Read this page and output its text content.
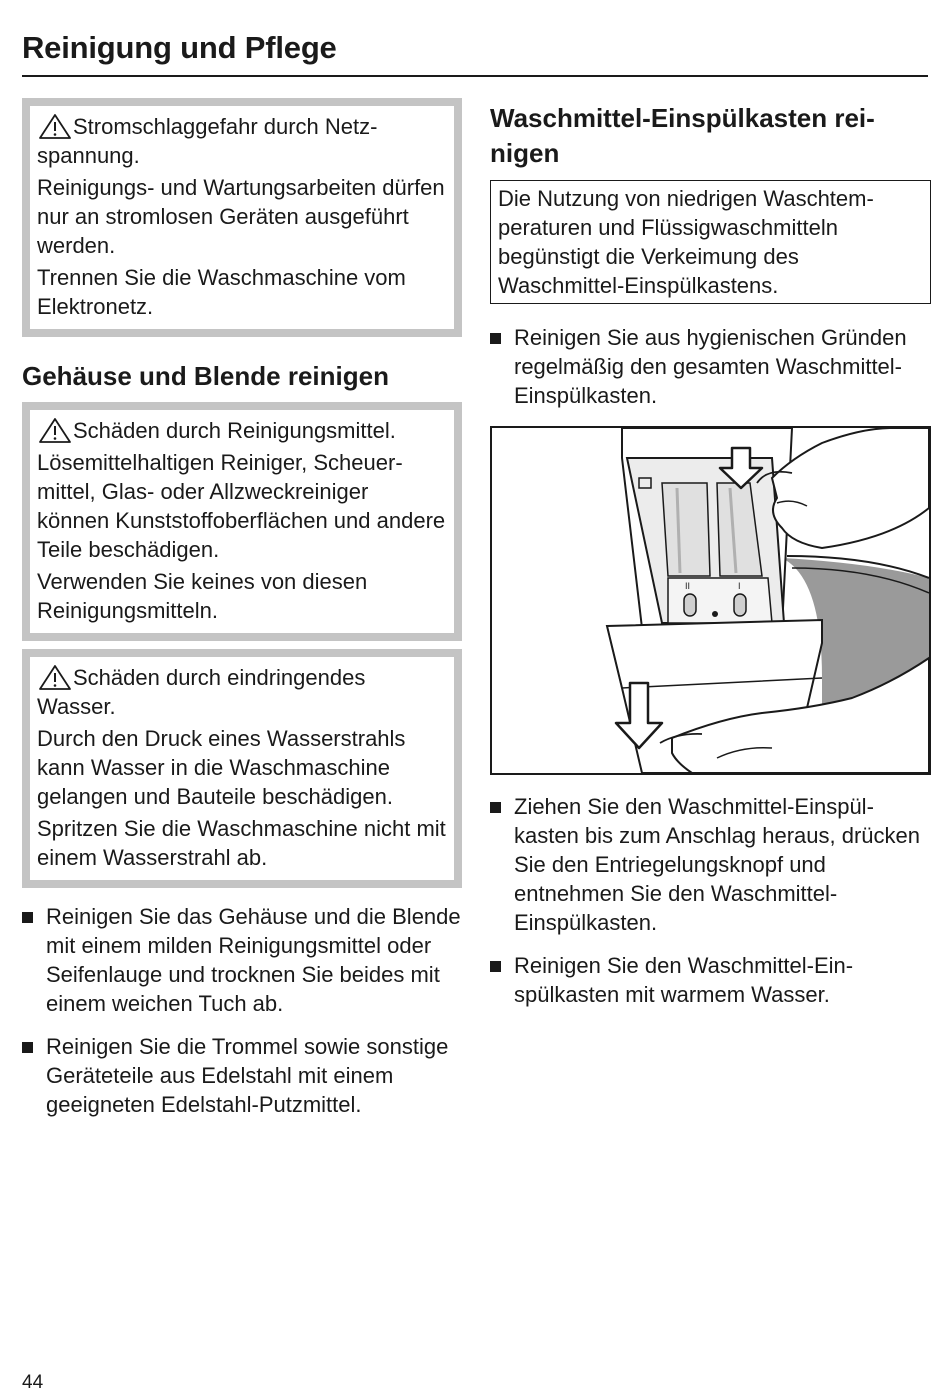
Reinigung und Pflege

Stromschlaggefahr durch Netzspannung.

Reinigungs- und Wartungsarbeiten dürfen nur an stromlosen Geräten ausgeführt werden.

Trennen Sie die Waschmaschine vom Elektronetz.

Gehäuse und Blende reinigen

Schäden durch Reinigungsmittel.

Lösemittelhaltigen Reiniger, Scheuermittel, Glas- oder Allzweckreiniger können Kunststoffoberflächen und andere Teile beschädigen.

Verwenden Sie keines von diesen Reinigungsmitteln.

Schäden durch eindringendes Wasser.

Durch den Druck eines Wasserstrahls kann Wasser in die Waschmaschine gelangen und Bauteile beschädigen.

Spritzen Sie die Waschmaschine nicht mit einem Wasserstrahl ab.

Reinigen Sie das Gehäuse und die Blende mit einem milden Reinigungsmittel oder Seifenlauge und trocknen Sie beides mit einem weichen Tuch ab.
Reinigen Sie die Trommel sowie sonstige Geräteteile aus Edelstahl mit einem geeigneten Edelstahl-Putzmittel.
Waschmittel-Einspülkasten reinigen
Die Nutzung von niedrigen Waschtemperaturen und Flüssigwaschmitteln begünstigt die Verkeimung des Waschmittel-Einspülkastens.
Reinigen Sie aus hygienischen Gründen regelmäßig den gesamten Waschmittel-Einspülkasten.
II	I
Ziehen Sie den Waschmittel-Einspülkasten bis zum Anschlag heraus, drücken Sie den Entriegelungsknopf und entnehmen Sie den Waschmittel-Einspülkasten.
Reinigen Sie den Waschmittel-Einspülkasten mit warmem Wasser.
44
